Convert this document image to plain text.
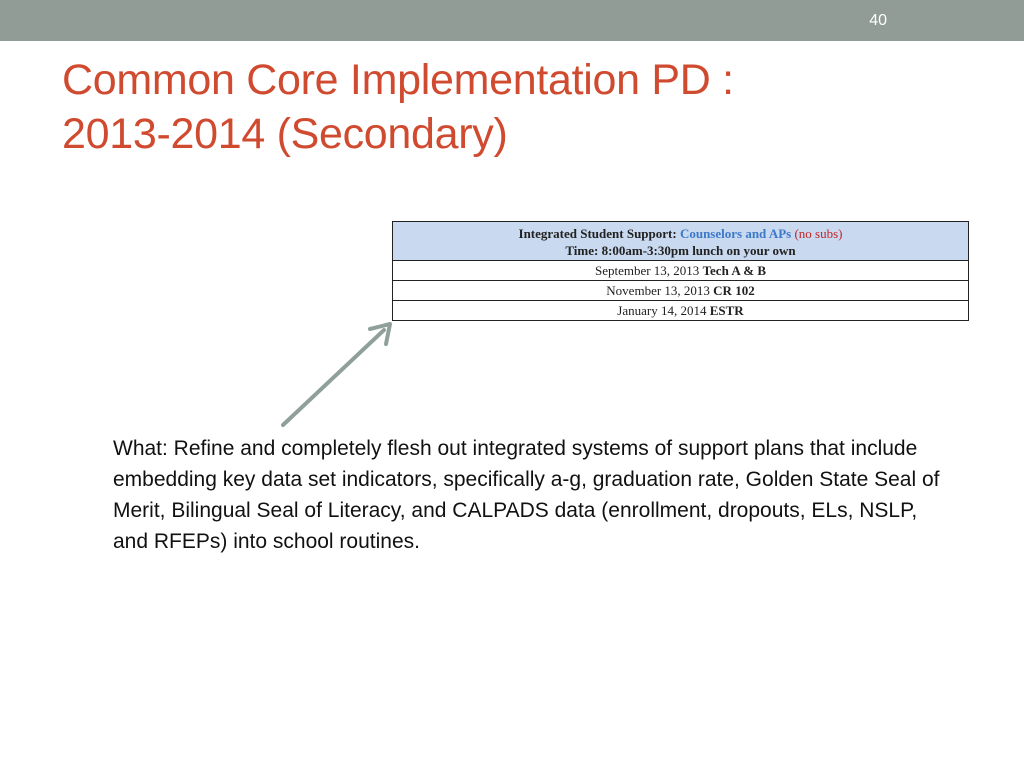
40
Common Core Implementation PD :
2013-2014 (Secondary)
Integrated Student Support: Counselors and APs (no subs)
Time: 8:00am-3:30pm lunch on your own

September 13, 2013 Tech A & B
November 13, 2013 CR 102
January 14, 2014 ESTR

What: Refine and completely flesh out integrated systems of support plans that include embedding key data set indicators, specifically a-g, graduation rate, Golden State Seal of Merit, Bilingual Seal of Literacy, and CALPADS data (enrollment, dropouts, ELs, NSLP, and RFEPs) into school routines.
